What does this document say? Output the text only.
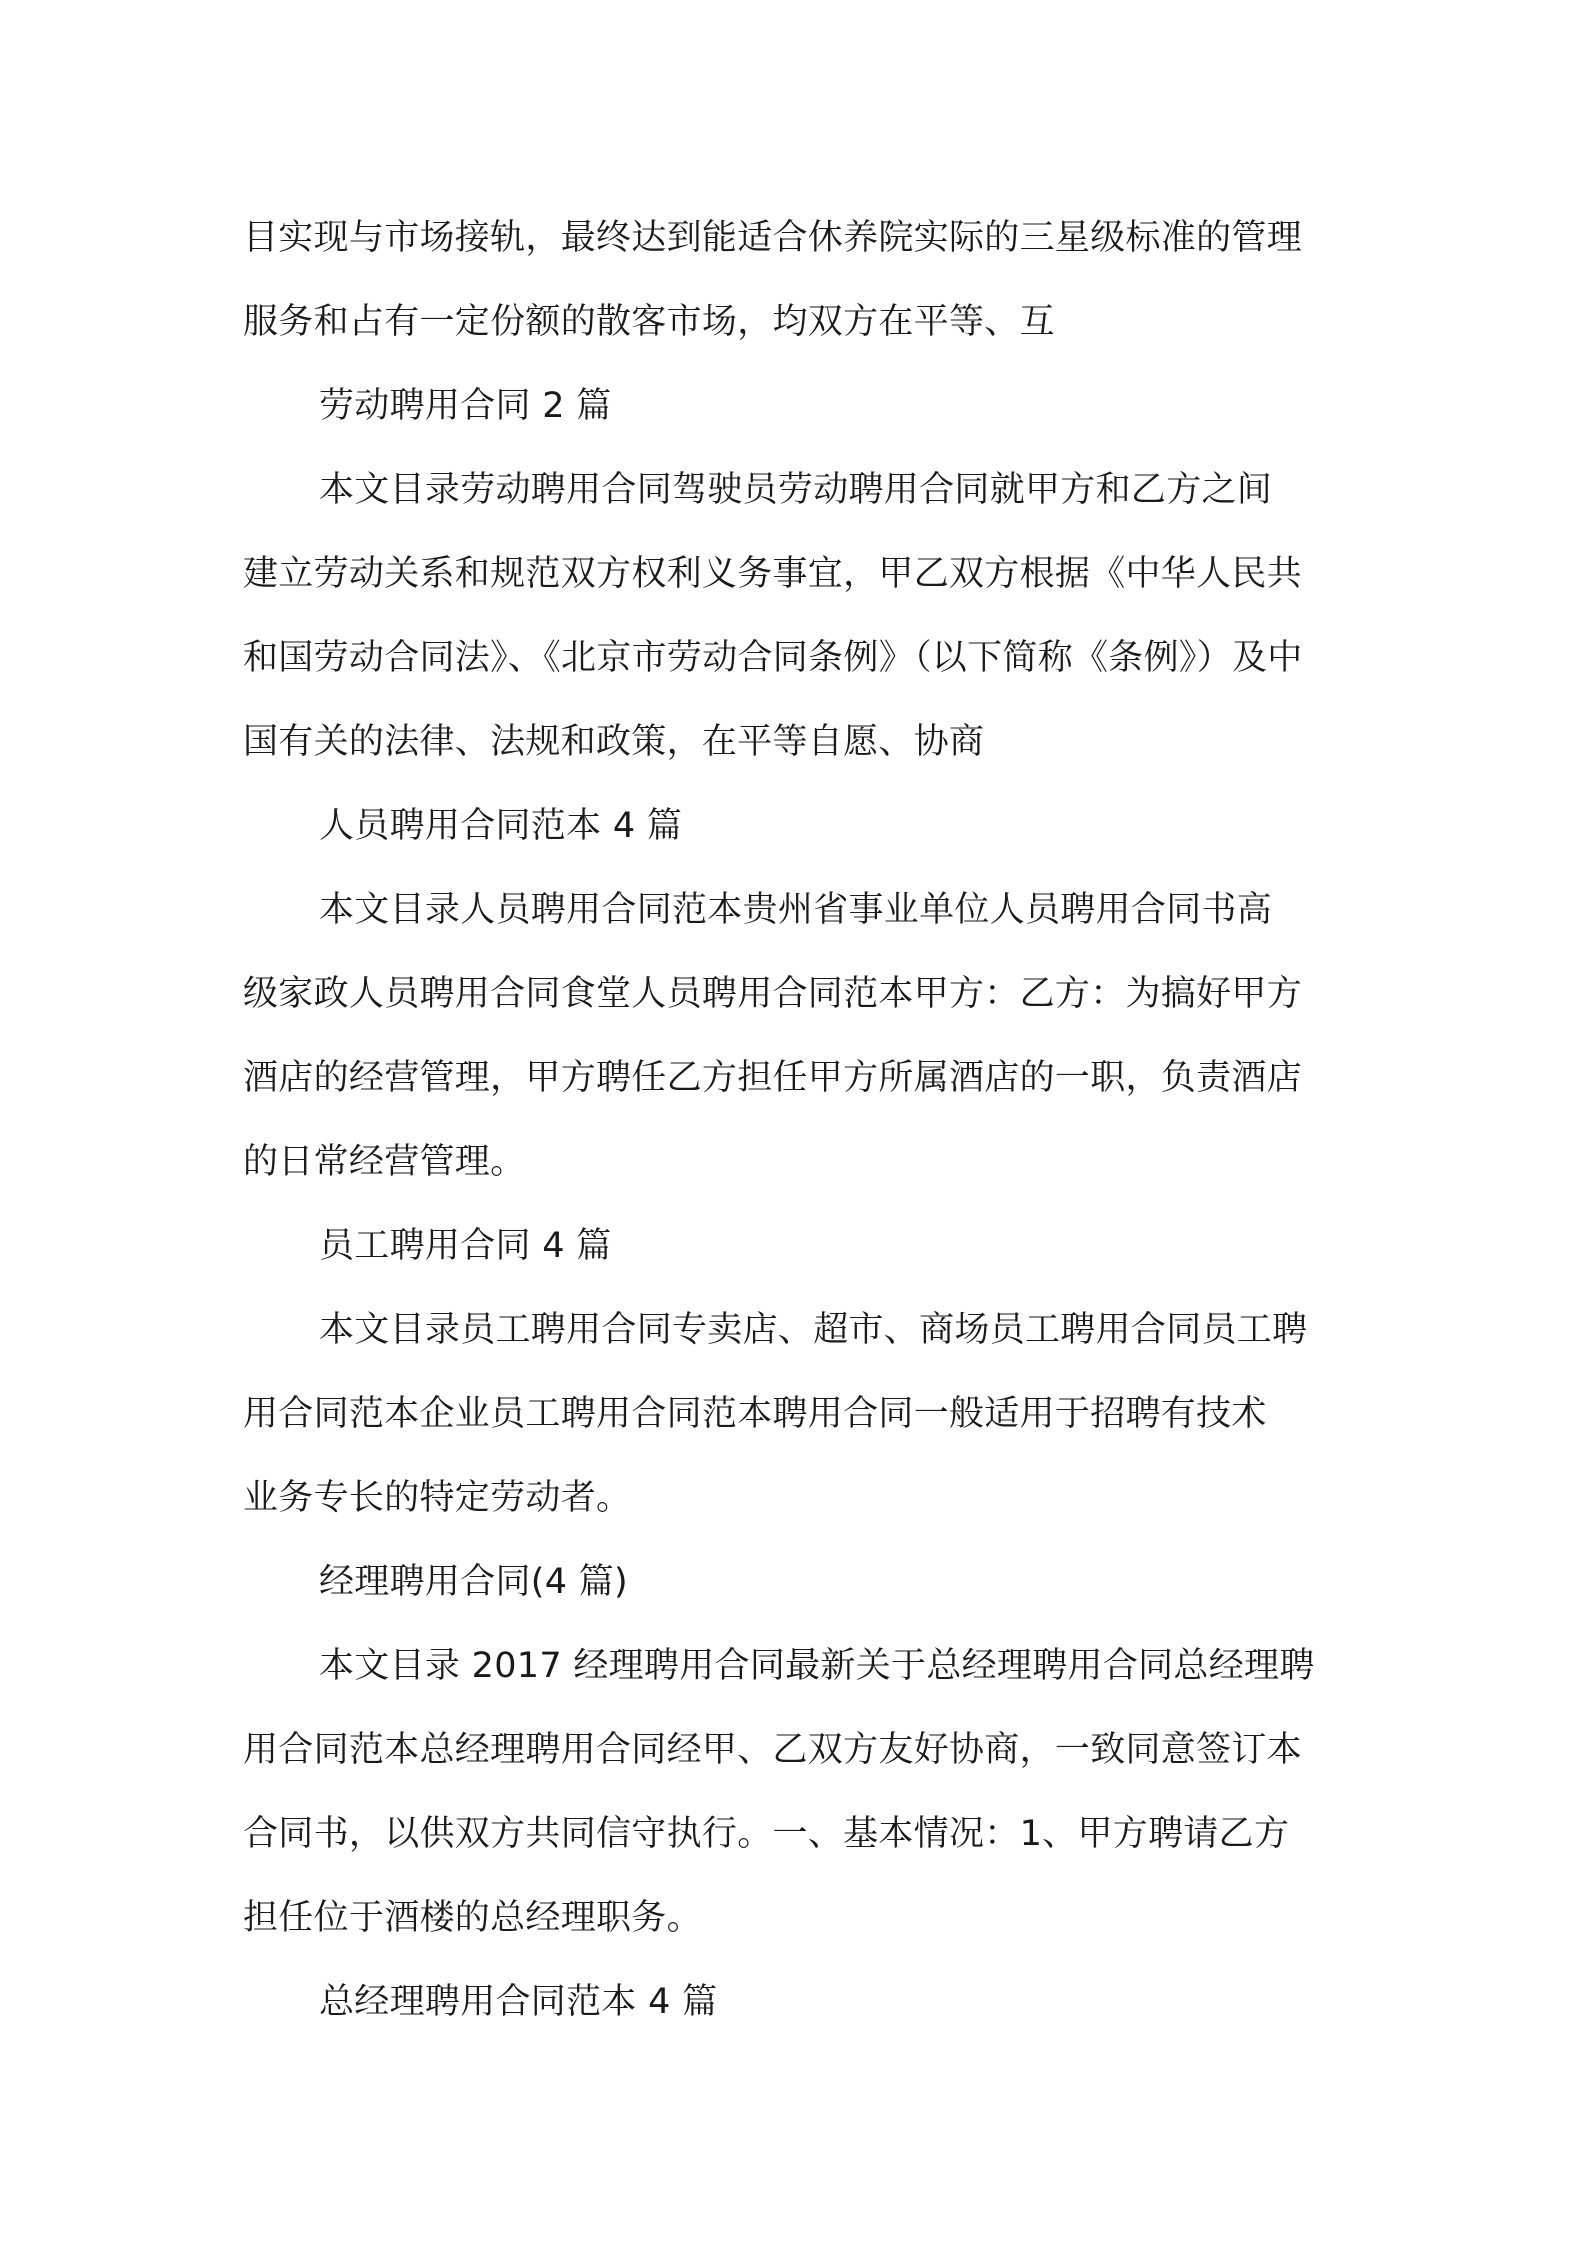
目实现与市场接轨，最终达到能适合休养院实际的三星级标准的管理
服务和占有一定份额的散客市场，均双方在平等、互
劳动聘用合同 2 篇
本文目录劳动聘用合同驾驶员劳动聘用合同就甲方和乙方之间
建立劳动关系和规范双方权利义务事宜，甲乙双方根据《中华人民共
和国劳动合同法》、《北京市劳动合同条例》（以下简称《条例》）及中
国有关的法律、法规和政策，在平等自愿、协商
人员聘用合同范本 4 篇
本文目录人员聘用合同范本贵州省事业单位人员聘用合同书高
级家政人员聘用合同食堂人员聘用合同范本甲方：乙方：为搞好甲方
酒店的经营管理，甲方聘任乙方担任甲方所属酒店的一职，负责酒店
的日常经营管理。
员工聘用合同 4 篇
本文目录员工聘用合同专卖店、超市、商场员工聘用合同员工聘
用合同范本企业员工聘用合同范本聘用合同一般适用于招聘有技术
业务专长的特定劳动者。
经理聘用合同(4 篇)
本文目录 2017 经理聘用合同最新关于总经理聘用合同总经理聘
用合同范本总经理聘用合同经甲、乙双方友好协商，一致同意签订本
合同书，以供双方共同信守执行。一、基本情况：1、甲方聘请乙方
担任位于酒楼的总经理职务。
总经理聘用合同范本 4 篇
